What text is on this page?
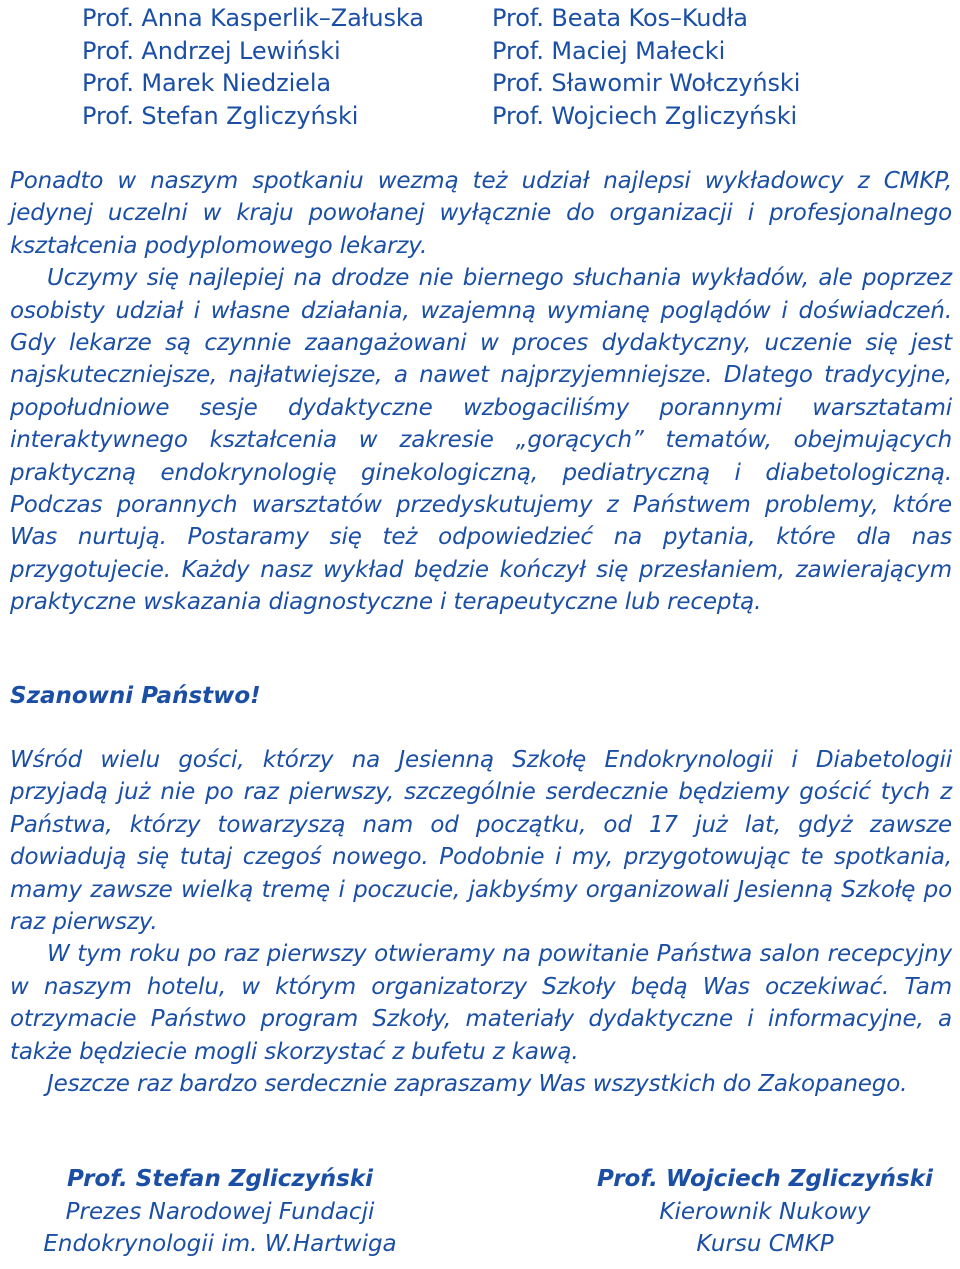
Prof. Anna Kasperlik–Załuska
Prof. Andrzej Lewiński
Prof. Marek Niedziela
Prof. Stefan Zgliczyński
Prof. Beata Kos–Kudła
Prof. Maciej Małecki
Prof. Sławomir Wołczyński
Prof. Wojciech Zgliczyński

Ponadto w naszym spotkaniu wezmą też udział najlepsi wykładowcy z CMKP, jedynej uczelni w kraju powołanej wyłącznie do organizacji i profesjonalnego kształcenia podyplomowego lekarzy.

Uczymy się najlepiej na drodze nie biernego słuchania wykładów, ale poprzez osobisty udział i własne działania, wzajemną wymianę poglądów i doświadczeń. Gdy lekarze są czynnie zaangażowani w proces dydaktyczny, uczenie się jest najskuteczniejsze, najłatwiejsze, a nawet najprzyjemniejsze. Dlatego tradycyjne, popołudniowe sesje dydaktyczne wzbogaciliśmy porannymi warsztatami interaktywnego kształcenia w zakresie „gorących” tematów, obejmujących praktyczną endokrynologię ginekologiczną, pediatryczną i diabetologiczną. Podczas porannych warsztatów przedyskutujemy z Państwem problemy, które Was nurtują. Postaramy się też odpowiedzieć na pytania, które dla nas przygotujecie. Każdy nasz wykład będzie kończył się przesłaniem, zawierającym praktyczne wskazania diagnostyczne i terapeutyczne lub receptą.

Szanowni Państwo!

Wśród wielu gości, którzy na Jesienną Szkołę Endokrynologii i Diabetologii przyjadą już nie po raz pierwszy, szczególnie serdecznie będziemy gościć tych z Państwa, którzy towarzyszą nam od początku, od 17 już lat, gdyż zawsze dowiadują się tutaj czegoś nowego. Podobnie i my, przygotowując te spotkania, mamy zawsze wielką tremę i poczucie, jakbyśmy organizowali Jesienną Szkołę po raz pierwszy.

W tym roku po raz pierwszy otwieramy na powitanie Państwa salon recepcyjny w naszym hotelu, w którym organizatorzy Szkoły będą Was oczekiwać. Tam otrzymacie Państwo program Szkoły, materiały dydaktyczne i informacyjne, a także będziecie mogli skorzystać z bufetu z kawą.

Jeszcze raz bardzo serdecznie zapraszamy Was wszystkich do Zakopanego.

Prof. Stefan Zgliczyński
Prezes Narodowej Fundacji
Endokrynologii im. W.Hartwiga
Prof. Wojciech Zgliczyński
Kierownik Nukowy
Kursu CMKP
